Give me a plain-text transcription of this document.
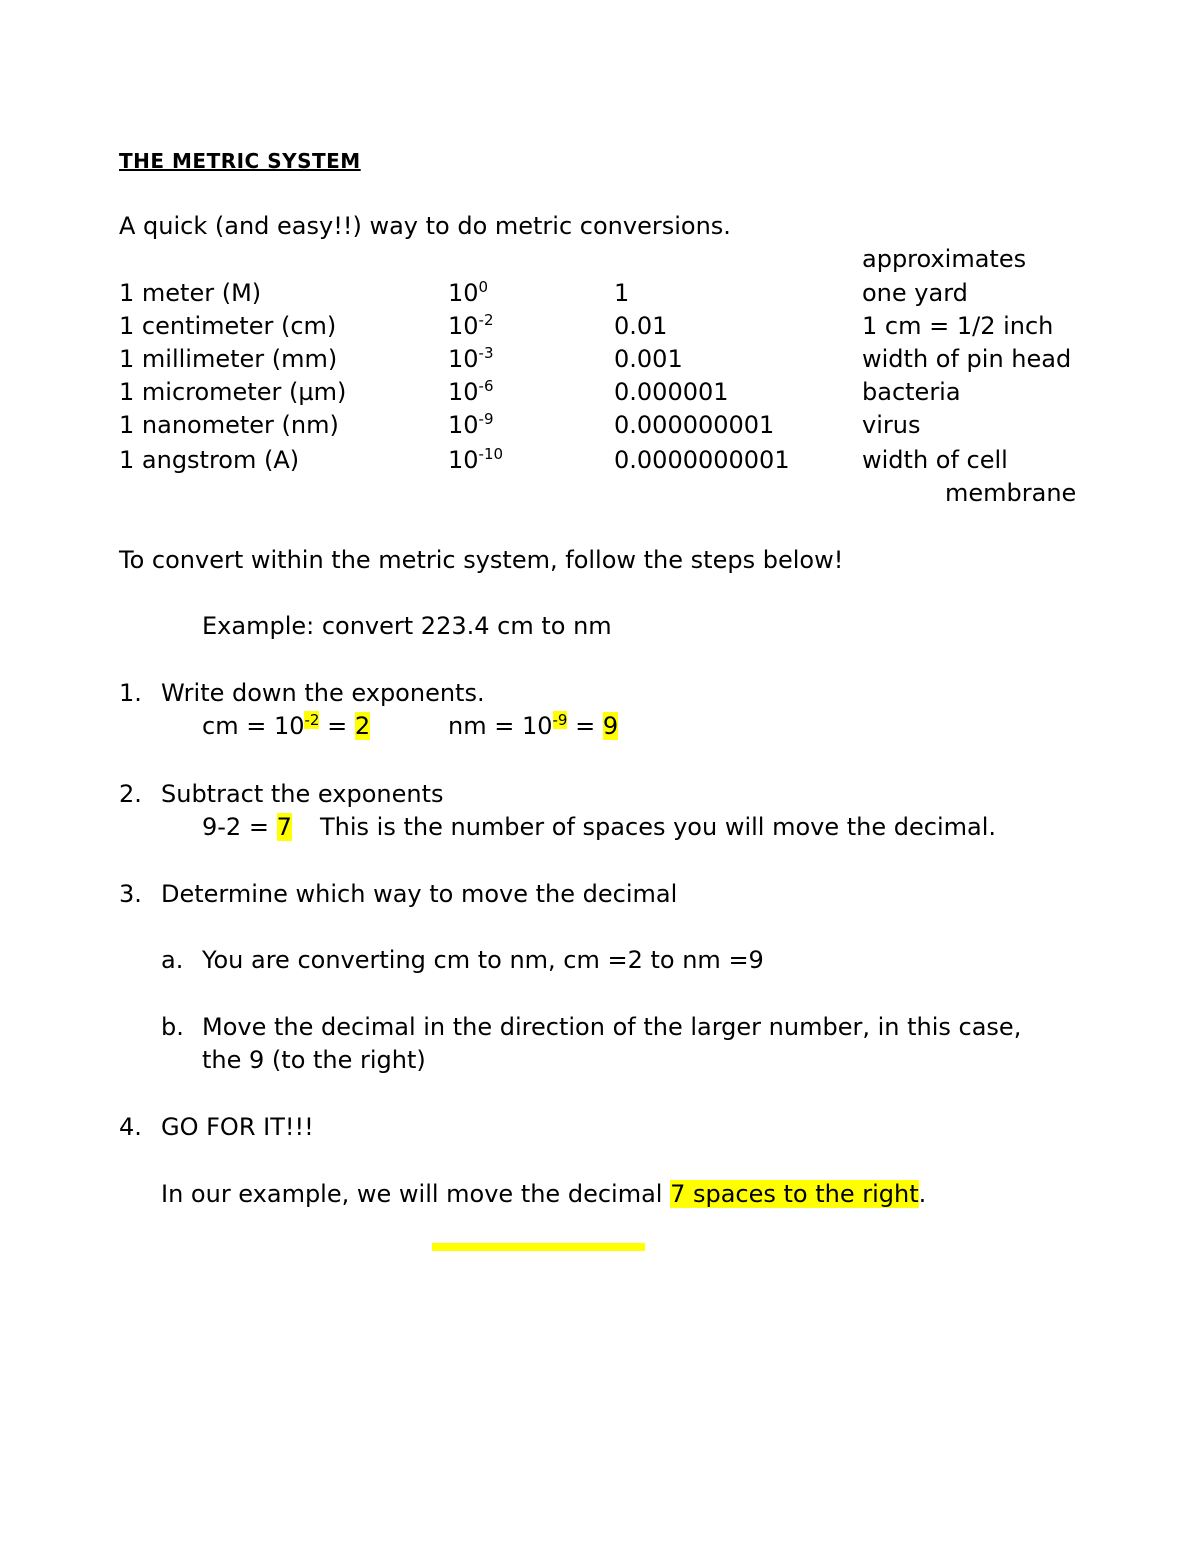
THE METRIC SYSTEM
A quick (and easy!!) way to do metric conversions.
approximates
1 meter (M)	$10^0$	1	one yard
1 centimeter (cm)	$10^{-2}$	0.01	1 cm = 1/2 inch
1 millimeter (mm)	$10^{-3}$	0.001	width of pin head
1 micrometer (µm)	$10^{-6}$	0.000001	bacteria
1 nanometer (nm)	$10^{-9}$	0.000000001	virus
1 angstrom (A)	$10^{-10}$	0.0000000001	width of cell
membrane
To convert within the metric system, follow the steps below!
Example: convert 223.4 cm to nm
1. Write down the exponents.
cm = $10^{-2} = 2$	nm = $10^{-9} = 9$
2. Subtract the exponents
9-2 = 7 This is the number of spaces you will move the decimal.
3. Determine which way to move the decimal
a. You are converting cm to nm, cm =2 to nm =9
b. Move the decimal in the direction of the larger number, in this case,
the 9 (to the right)
4. GO FOR IT!!!
In our example, we will move the decimal 7 spaces to the right.
